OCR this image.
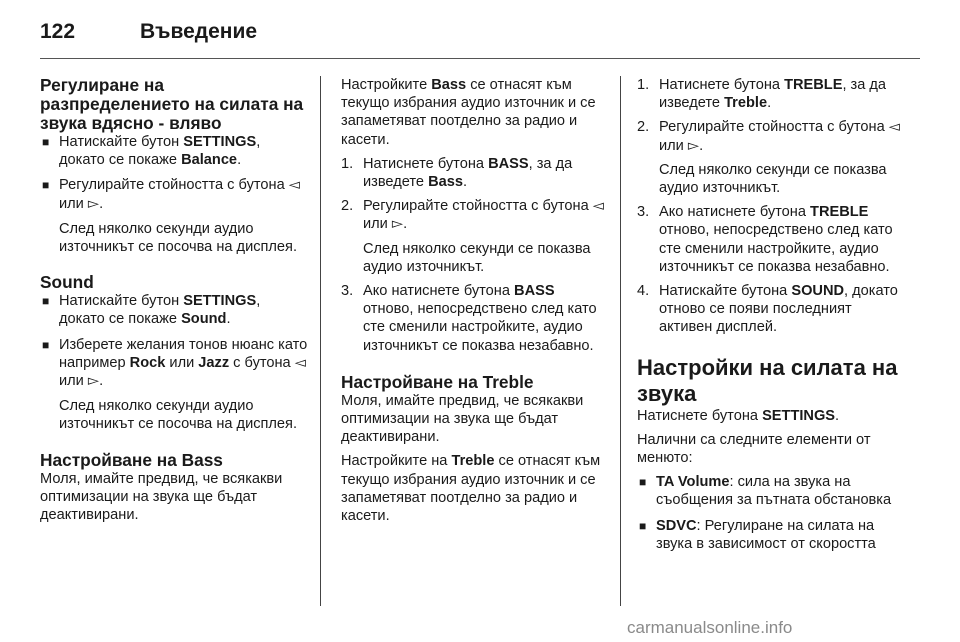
122	Въведение
Регулиране на разпределението на силата на звука вдясно - вляво
■ Натискайте бутон SETTINGS, докато се покаже Balance.
■ Регулирайте стойността с бутона ◅ или ▻.

След няколко секунди аудио източникът се посочва на дисплея.

Sound
■ Натискайте бутон SETTINGS, докато се покаже Sound.
■ Изберете желания тонов нюанс като например Rock или Jazz с бутона ◅ или ▻.

След няколко секунди аудио източникът се посочва на дисплея.

Настройване на Bass

Моля, имайте предвид, че всякакви оптимизации на звука ще бъдат деактивирани.

Настройките Bass се отнасят към текущо избрания аудио източник и се запаметяват поотделно за радио и касети.

1. Натиснете бутона BASS, за да изведете Bass.
2. Регулирайте стойността с бутона ◅ или ▻.

След няколко секунди се показва аудио източникът.

3. Ако натиснете бутона BASS отново, непосредствено след като сте сменили настройките, аудио източникът се показва незабавно.
Настройване на Treble

Моля, имайте предвид, че всякакви оптимизации на звука ще бъдат деактивирани.

Настройките на Treble се отнасят към текущо избрания аудио източник и се запаметяват поотделно за радио и касети.

1. Натиснете бутона TREBLE, за да изведете Treble.
2. Регулирайте стойността с бутона ◅ или ▻.

След няколко секунди се показва аудио източникът.

3. Ако натиснете бутона TREBLE отново, непосредствено след като сте сменили настройките, аудио източникът се показва незабавно.
4. Натискайте бутона SOUND, докато отново се появи последният активен дисплей.
Настройки на силата на звука

Натиснете бутона SETTINGS.

Налични са следните елементи от менюто:

■ TA Volume: сила на звука на съобщения за пътната обстановка
■ SDVC: Регулиране на силата на звука в зависимост от скоростта
carmanualsonline.info
